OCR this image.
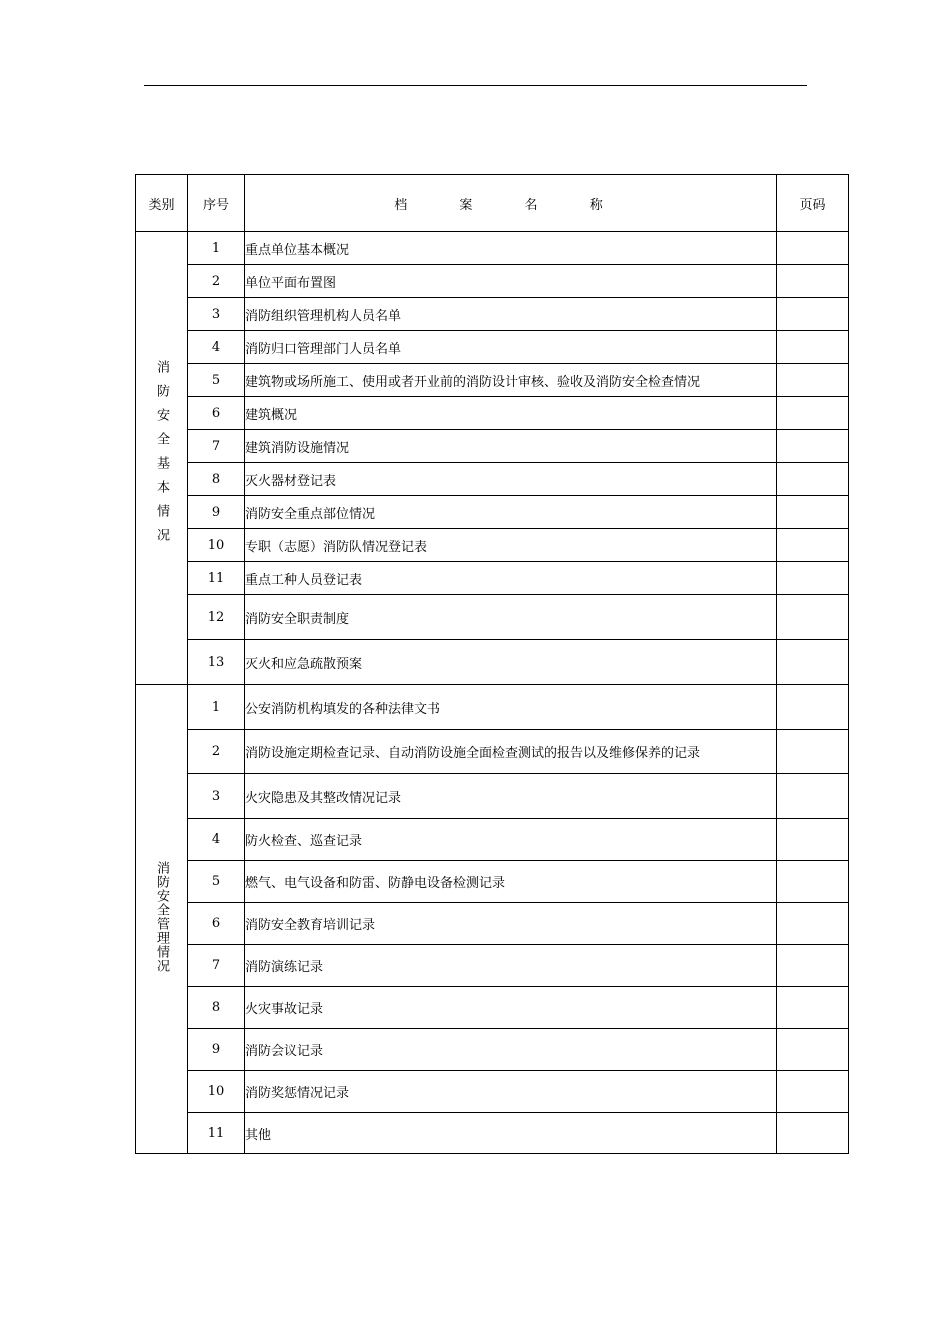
类别	序号	档 案 名 称	页码
消防安全基本情况	1	重点单位基本概况	
	2	单位平面布置图	
	3	消防组织管理机构人员名单	
	4	消防归口管理部门人员名单	
	5	建筑物或场所施工、使用或者开业前的消防设计审核、验收及消防安全检查情况	
	6	建筑概况	
	7	建筑消防设施情况	
	8	灭火器材登记表	
	9	消防安全重点部位情况	
	10	专职（志愿）消防队情况登记表	
	11	重点工种人员登记表	
	12	消防安全职责制度	
	13	灭火和应急疏散预案	
消防安全管理情况	1	公安消防机构填发的各种法律文书	
	2	消防设施定期检查记录、自动消防设施全面检查测试的报告以及维修保养的记录	
	3	火灾隐患及其整改情况记录	
	4	防火检查、巡查记录	
	5	燃气、电气设备和防雷、防静电设备检测记录	
	6	消防安全教育培训记录	
	7	消防演练记录	
	8	火灾事故记录	
	9	消防会议记录	
	10	消防奖惩情况记录	
	11	其他	
